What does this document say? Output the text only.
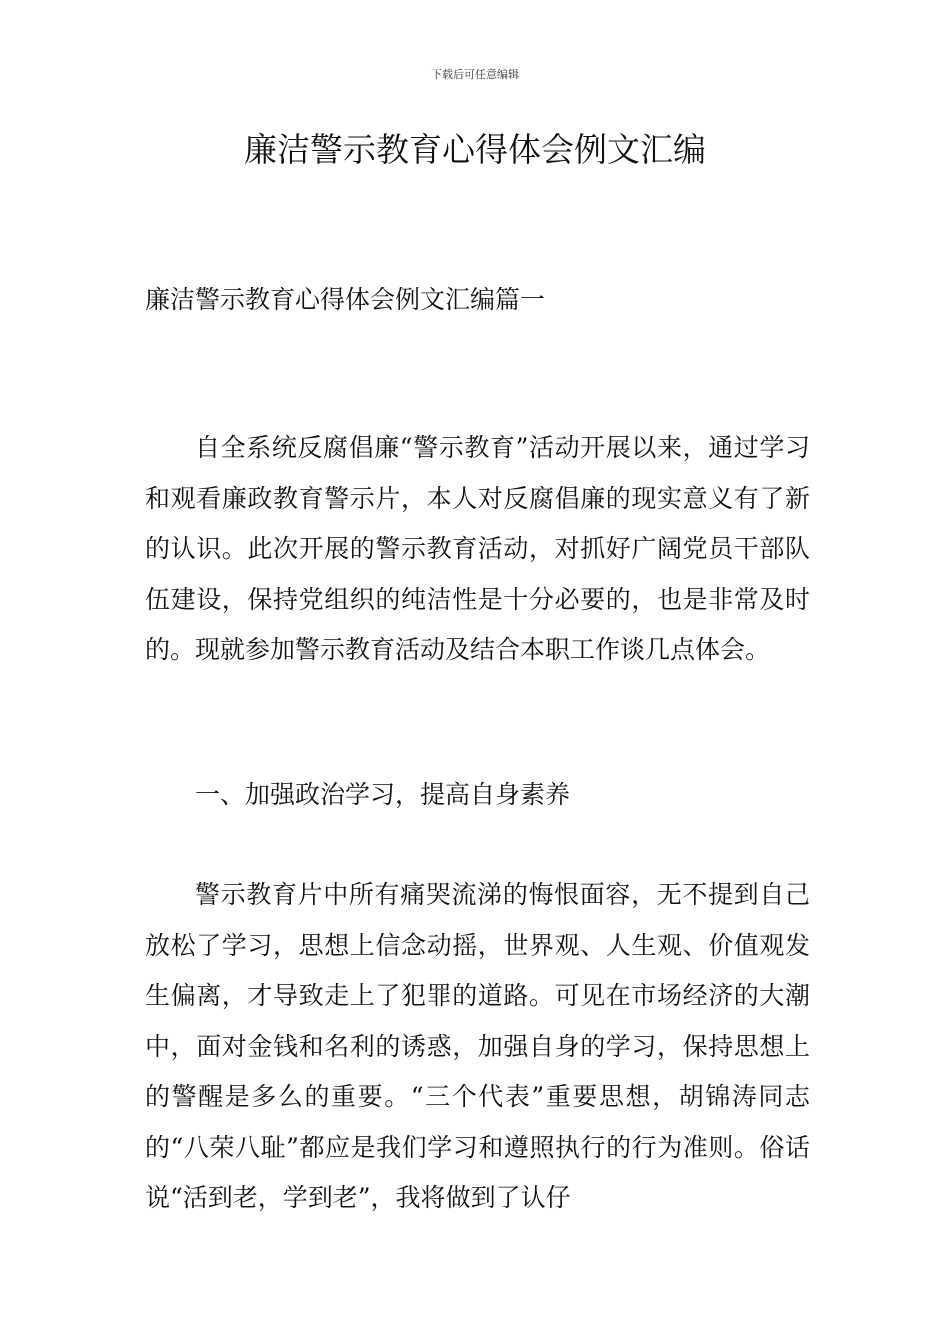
下载后可任意编辑
廉洁警示教育心得体会例文汇编
廉洁警示教育心得体会例文汇编篇一

自全系统反腐倡廉“警示教育”活动开展以来，通过学习和观看廉政教育警示片，本人对反腐倡廉的现实意义有了新的认识。此次开展的警示教育活动，对抓好广阔党员干部队伍建设，保持党组织的纯洁性是十分必要的，也是非常及时的。现就参加警示教育活动及结合本职工作谈几点体会。

一、加强政治学习，提高自身素养

警示教育片中所有痛哭流涕的悔恨面容，无不提到自己放松了学习，思想上信念动摇，世界观、人生观、价值观发生偏离，才导致走上了犯罪的道路。可见在市场经济的大潮中，面对金钱和名利的诱惑，加强自身的学习，保持思想上的警醒是多么的重要。“三个代表”重要思想，胡锦涛同志的“八荣八耻”都应是我们学习和遵照执行的行为准则。俗话说“活到老，学到老”，我将做到了认仔
